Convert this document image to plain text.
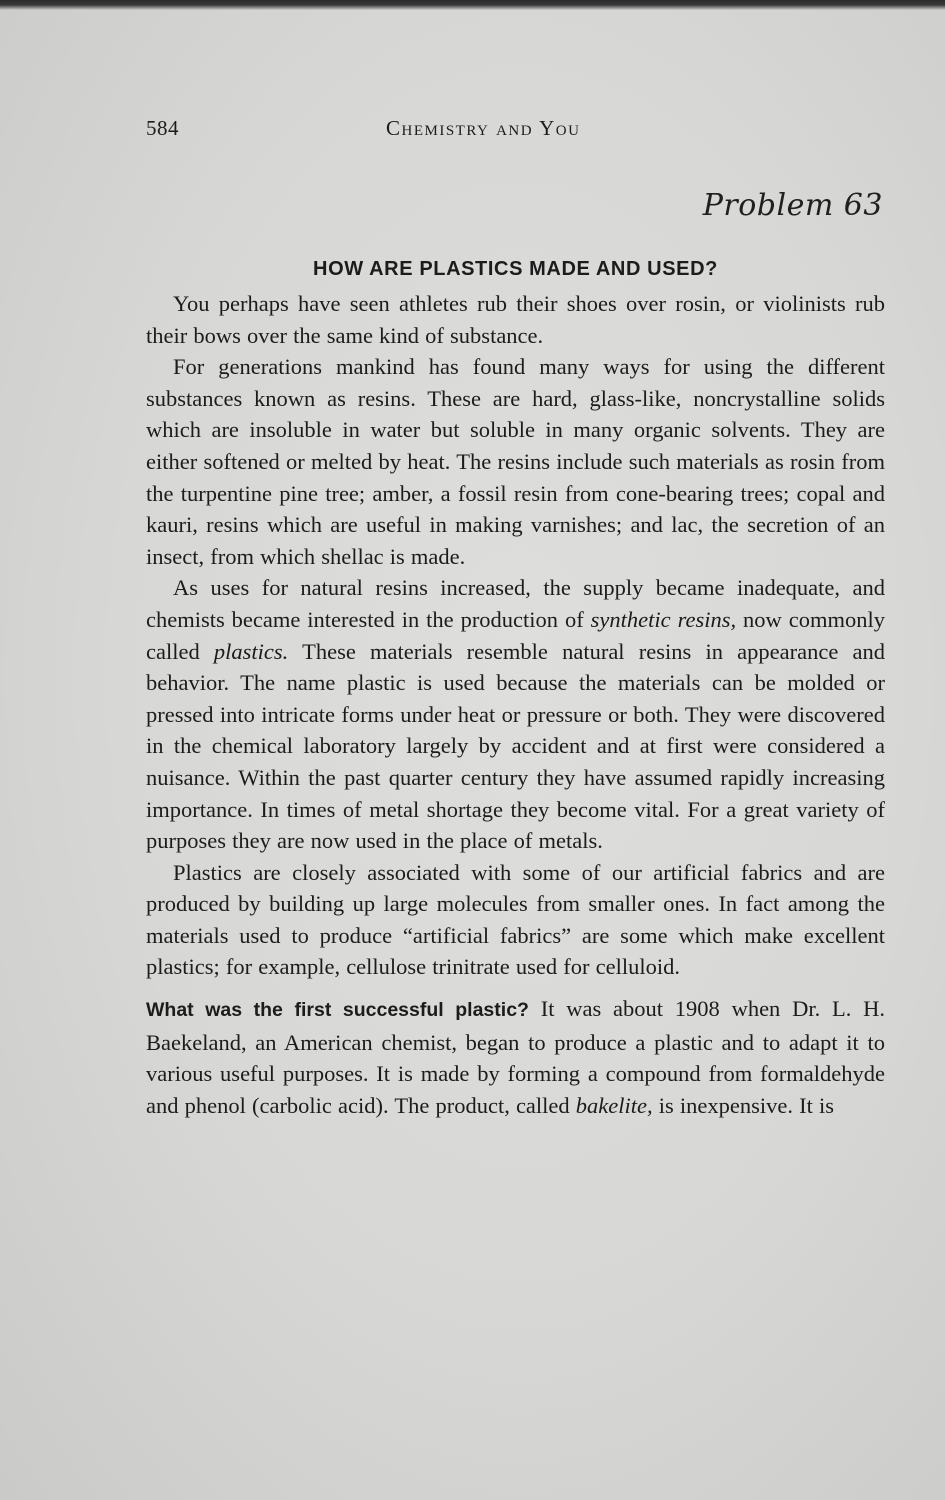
584	Chemistry and You
Problem 63
HOW ARE PLASTICS MADE AND USED?

You perhaps have seen athletes rub their shoes over rosin, or violinists rub their bows over the same kind of substance.

For generations mankind has found many ways for using the different substances known as resins. These are hard, glass-like, noncrystalline solids which are insoluble in water but soluble in many organic solvents. They are either softened or melted by heat. The resins include such materials as rosin from the turpentine pine tree; amber, a fossil resin from cone-bearing trees; copal and kauri, resins which are useful in making varnishes; and lac, the secretion of an insect, from which shellac is made.

As uses for natural resins increased, the supply became inadequate, and chemists became interested in the production of synthetic resins, now commonly called plastics. These materials resemble natural resins in appearance and behavior. The name plastic is used because the materials can be molded or pressed into intricate forms under heat or pressure or both. They were discovered in the chemical laboratory largely by accident and at first were considered a nuisance. Within the past quarter century they have assumed rapidly increasing importance. In times of metal shortage they become vital. For a great variety of purposes they are now used in the place of metals.

Plastics are closely associated with some of our artificial fabrics and are produced by building up large molecules from smaller ones. In fact among the materials used to produce “artificial fabrics” are some which make excellent plastics; for example, cellulose trinitrate used for celluloid.

What was the first successful plastic? It was about 1908 when Dr. L. H. Baekeland, an American chemist, began to produce a plastic and to adapt it to various useful purposes. It is made by forming a compound from formaldehyde and phenol (carbolic acid). The product, called bakelite, is inexpensive. It is
